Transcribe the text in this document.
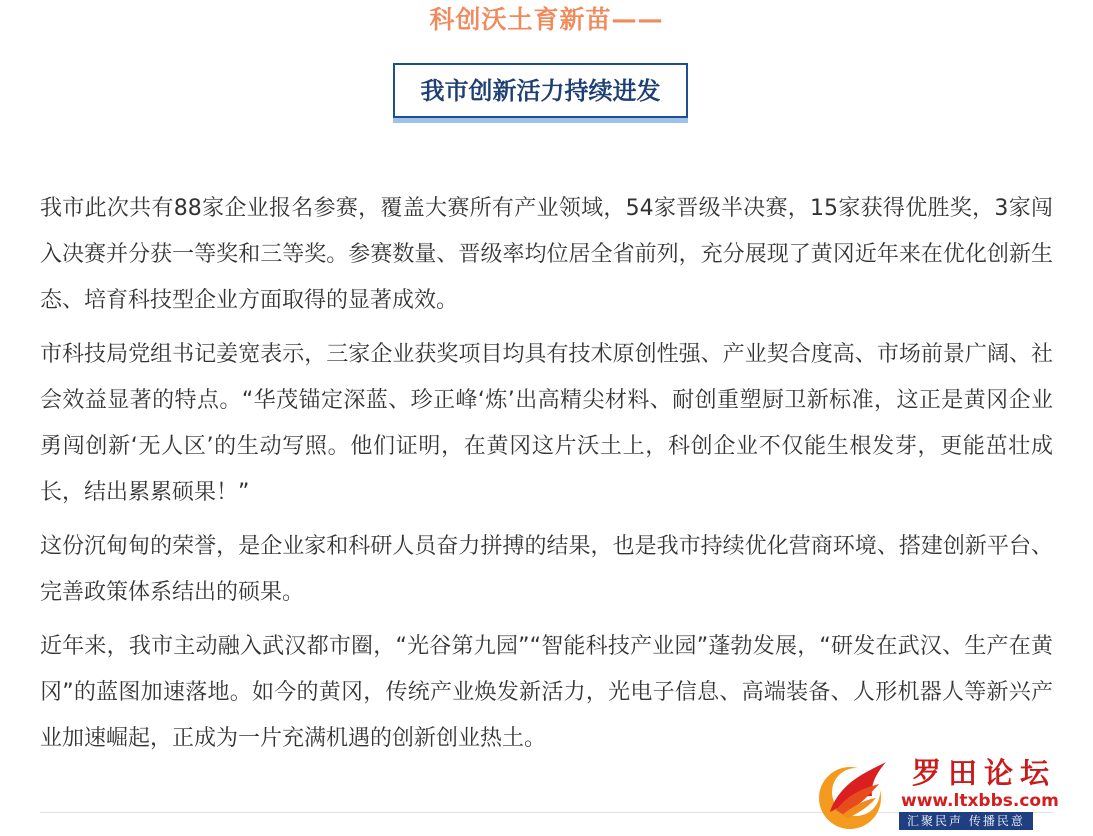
科创沃土育新苗——
我市创新活力持续进发

我市此次共有88家企业报名参赛，覆盖大赛所有产业领域，54家晋级半决赛，15家获得优胜奖，3家闯入决赛并分获一等奖和三等奖。参赛数量、晋级率均位居全省前列，充分展现了黄冈近年来在优化创新生态、培育科技型企业方面取得的显著成效。

市科技局党组书记姜宽表示，三家企业获奖项目均具有技术原创性强、产业契合度高、市场前景广阔、社会效益显著的特点。“华茂锚定深蓝、珍正峰‘炼’出高精尖材料、耐创重塑厨卫新标准，这正是黄冈企业勇闯创新‘无人区’的生动写照。他们证明，在黄冈这片沃土上，科创企业不仅能生根发芽，更能茁壮成长，结出累累硕果！”

这份沉甸甸的荣誉，是企业家和科研人员奋力拼搏的结果，也是我市持续优化营商环境、搭建创新平台、完善政策体系结出的硕果。

近年来，我市主动融入武汉都市圈，“光谷第九园”“智能科技产业园”蓬勃发展，“研发在武汉、生产在黄冈”的蓝图加速落地。如今的黄冈，传统产业焕发新活力，光电子信息、高端装备、人形机器人等新兴产业加速崛起，正成为一片充满机遇的创新创业热土。

罗田论坛
www.ltxbbs.com
汇聚民声 传播民意
